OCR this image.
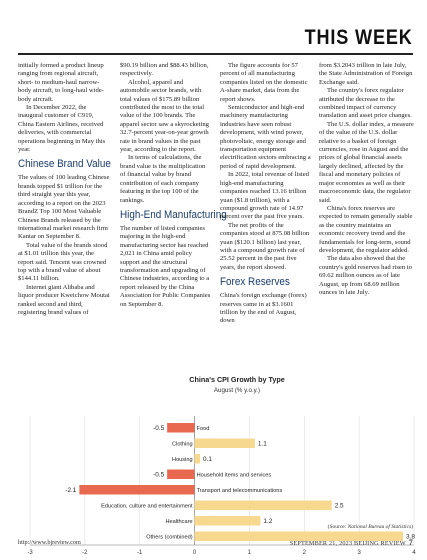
THIS WEEK

initially formed a product lineup ranging from regional aircraft, short- to medium-haul narrow-body aircraft, to long-haul wide-body aircraft.

In December 2022, the inaugural customer of C919, China Eastern Airlines, received deliveries, with commercial operations beginning in May this year.

Chinese Brand Value

The values of 100 leading Chinese brands topped $1 trillion for the third straight year this year, according to a report on the 2023 BrandZ Top 100 Most Valuable Chinese Brands released by the international market research firm Kantar on September 8.

Total value of the brands stood at $1.01 trillion this year, the report said. Tencent was crowned top with a brand value of about $144.11 billion.

Internet giant Alibaba and liquor producer Kweichow Moutai ranked second and third, registering brand values of

$90.19 billion and $88.43 billion, respectively.

Alcohol, apparel and automobile sector brands, with total values of $175.89 billion contributed the most to the total value of the 100 brands. The apparel sector saw a skyrocketing 32.7-percent year-on-year growth rate in brand values in the past year, according to the report.

In terms of calculations, the brand value is the multiplication of financial value by brand contribution of each company featuring in the top 100 of the rankings.

High-End Manufacturing

The number of listed companies majoring in the high-end manufacturing sector has reached 2,021 in China amid policy support and the structural transformation and upgrading of Chinese industries, according to a report released by the China Association for Public Companies on September 8.

The figure accounts for 57 percent of all manufacturing companies listed on the domestic A-share market, data from the report shows.

Semiconductor and high-end machinery manufacturing industries have seen robust development, with wind power, photovoltaic, energy storage and transportation equipment electrification sectors embracing a period of rapid development.

In 2022, total revenue of listed high-end manufacturing companies reached 13.16 trillion yuan ($1.8 trillion), with a compound growth rate of 14.97 percent over the past five years.

The net profits of the companies stood at 875.08 billion yuan ($120.1 billion) last year, with a compound growth rate of 25.52 percent in the past five years, the report showed.

Forex Reserves

China's foreign exchange (forex) reserves came in at $3.1601 trillion by the end of August, down

from $3.2043 trillion in late July, the State Administration of Foreign Exchange said.

The country's forex regulator attributed the decrease to the combined impact of currency translation and asset price changes.

The U.S. dollar index, a measure of the value of the U.S. dollar relative to a basket of foreign currencies, rose in August and the prices of global financial assets largely declined, affected by the fiscal and monetary policies of major economies as well as their macroeconomic data, the regulator said.

China's forex reserves are expected to remain generally stable as the country maintains an economic recovery trend and the fundamentals for long-term, sound development, the regulator added.

The data also showed that the country's gold reserves had risen to 69.62 million ounces as of late August, up from 68.69 million ounces in late July.

China's CPI Growth by Type
August (% y.o.y.)
-3	-2	-1	0	1	2	3	4
-0.5	Food
1.1
Clothing
0.1
Housing
-0.5	Household items and services
-2.1	Transport and telecommunications
2.5
Education, culture and entertainment
1.2
Healthcare
3.8
Others (combined)
(Source: National Bureau of Statistics)
http://www.bjreview.com	SEPTEMBER 21, 2023 BEIJING REVIEW 7
